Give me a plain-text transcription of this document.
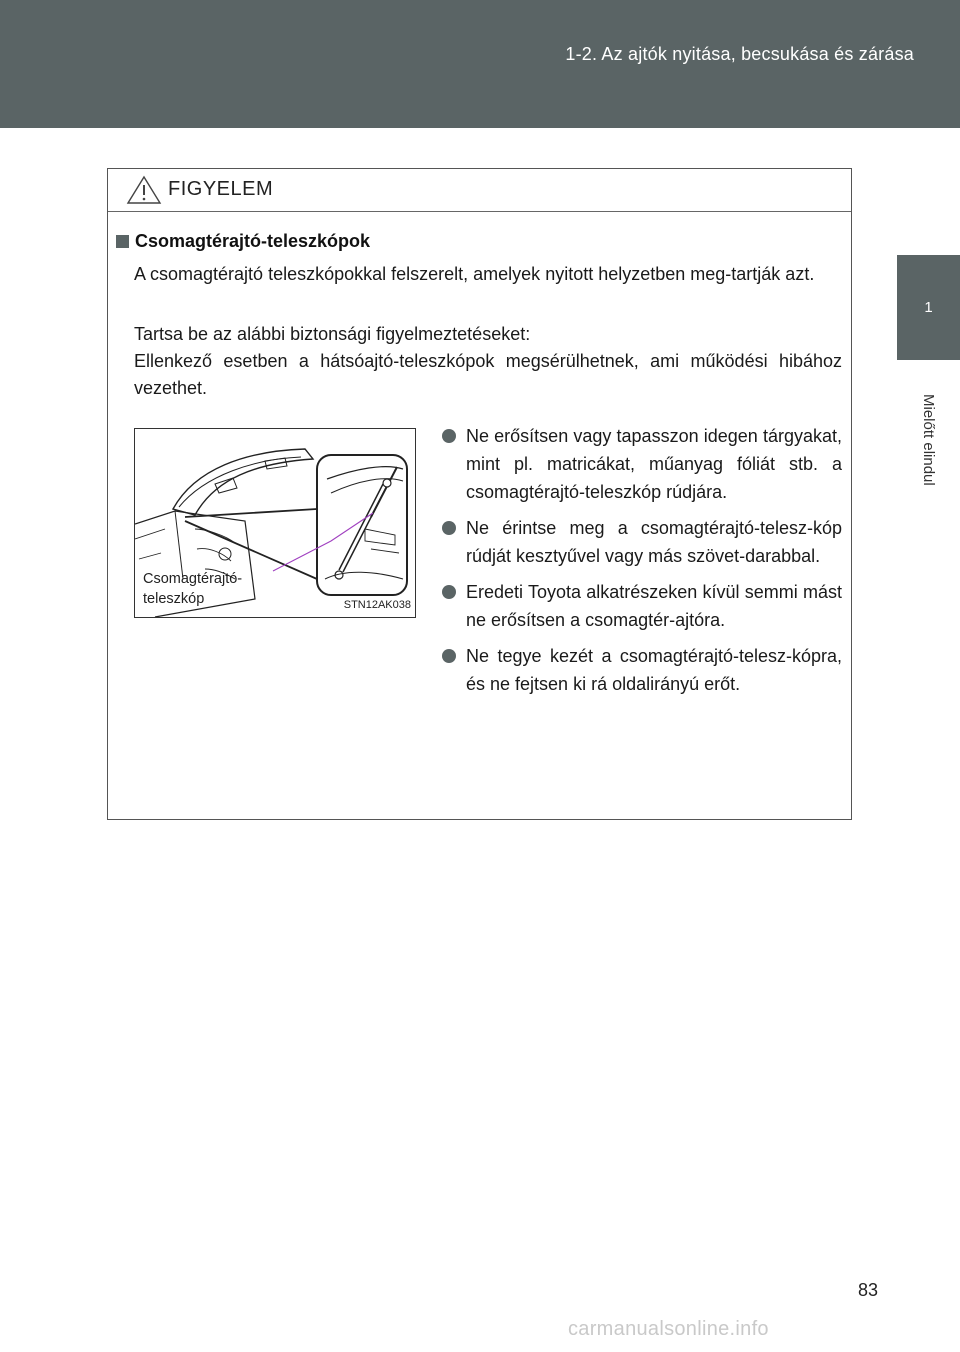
1-2. Az ajtók nyitása, becsukása és zárása
1
Mielőtt elindul
FIGYELEM
Csomagtérajtó-teleszkópok
A csomagtérajtó teleszkópokkal felszerelt, amelyek nyitott helyzetben meg-tartják azt.
Tartsa be az alábbi biztonsági figyelmeztetéseket:
Ellenkező esetben a hátsóajtó-teleszkópok megsérülhetnek, ami működési hibához vezethet.
Csomagtérajtó-
teleszkóp	STN12AK038
Ne erősítsen vagy tapasszon idegen tárgyakat, mint pl. matricákat, műanyag fóliát stb. a csomagtérajtó-teleszkóp rúdjára.
Ne érintse meg a csomagtérajtó-telesz-kóp rúdját kesztyűvel vagy más szövet-darabbal.
Eredeti Toyota alkatrészeken kívül semmi mást ne erősítsen a csomagtér-ajtóra.
Ne tegye kezét a csomagtérajtó-telesz-kópra, és ne fejtsen ki rá oldalirányú erőt.
83
carmanualsonline.info
